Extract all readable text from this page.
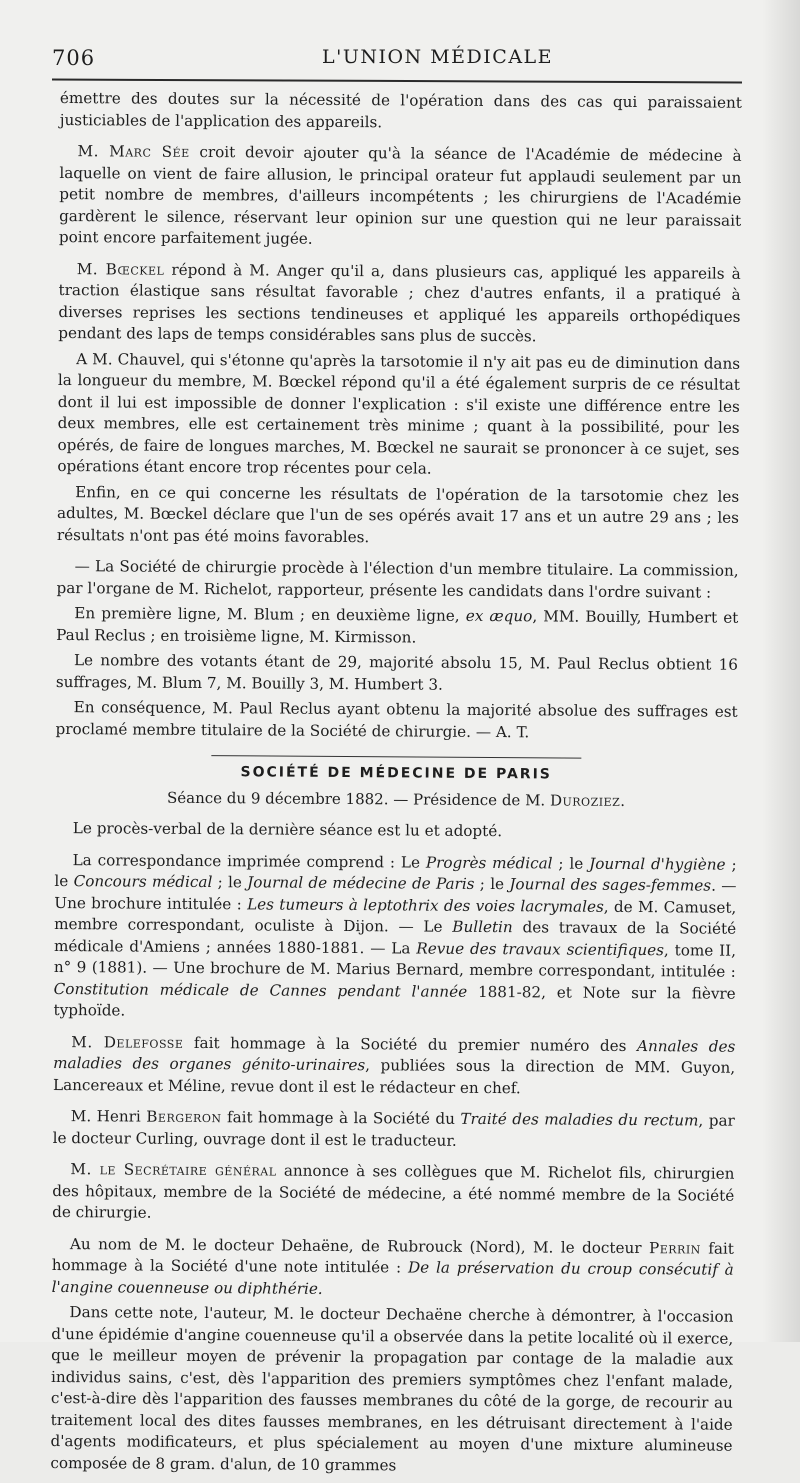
706	L'UNION MÉDICALE

émettre des doutes sur la nécessité de l'opération dans des cas qui paraissaient justiciables de l'application des appareils.

M. Marc Sée croit devoir ajouter qu'à la séance de l'Académie de médecine à laquelle on vient de faire allusion, le principal orateur fut applaudi seulement par un petit nombre de membres, d'ailleurs incompétents ; les chirurgiens de l'Académie gardèrent le silence, réservant leur opinion sur une question qui ne leur paraissait point encore parfaitement jugée.

M. Bœckel répond à M. Anger qu'il a, dans plusieurs cas, appliqué les appareils à traction élastique sans résultat favorable ; chez d'autres enfants, il a pratiqué à diverses reprises les sections tendineuses et appliqué les appareils orthopédiques pendant des laps de temps considérables sans plus de succès.

A M. Chauvel, qui s'étonne qu'après la tarsotomie il n'y ait pas eu de diminution dans la longueur du membre, M. Bœckel répond qu'il a été également surpris de ce résultat dont il lui est impossible de donner l'explication : s'il existe une différence entre les deux membres, elle est certainement très minime ; quant à la possibilité, pour les opérés, de faire de longues marches, M. Bœckel ne saurait se prononcer à ce sujet, ses opérations étant encore trop récentes pour cela.

Enfin, en ce qui concerne les résultats de l'opération de la tarsotomie chez les adultes, M. Bœckel déclare que l'un de ses opérés avait 17 ans et un autre 29 ans ; les résultats n'ont pas été moins favorables.

— La Société de chirurgie procède à l'élection d'un membre titulaire. La commission, par l'organe de M. Richelot, rapporteur, présente les candidats dans l'ordre suivant :

En première ligne, M. Blum ; en deuxième ligne, ex æquo, MM. Bouilly, Humbert et Paul Reclus ; en troisième ligne, M. Kirmisson.

Le nombre des votants étant de 29, majorité absolu 15, M. Paul Reclus obtient 16 suffrages, M. Blum 7, M. Bouilly 3, M. Humbert 3.

En conséquence, M. Paul Reclus ayant obtenu la majorité absolue des suffrages est proclamé membre titulaire de la Société de chirurgie. — A. T.

SOCIÉTÉ DE MÉDECINE DE PARIS
Séance du 9 décembre 1882. — Présidence de M. Duroziez.

Le procès-verbal de la dernière séance est lu et adopté.

La correspondance imprimée comprend : Le Progrès médical ; le Journal d'hygiène ; le Concours médical ; le Journal de médecine de Paris ; le Journal des sages-femmes. — Une brochure intitulée : Les tumeurs à leptothrix des voies lacrymales, de M. Camuset, membre correspondant, oculiste à Dijon. — Le Bulletin des travaux de la Société médicale d'Amiens ; années 1880-1881. — La Revue des travaux scientifiques, tome II, n° 9 (1881). — Une brochure de M. Marius Bernard, membre correspondant, intitulée : Constitution médicale de Cannes pendant l'année 1881-82, et Note sur la fièvre typhoïde.

M. Delefosse fait hommage à la Société du premier numéro des Annales des maladies des organes génito-urinaires, publiées sous la direction de MM. Guyon, Lancereaux et Méline, revue dont il est le rédacteur en chef.

M. Henri Bergeron fait hommage à la Société du Traité des maladies du rectum, par le docteur Curling, ouvrage dont il est le traducteur.

M. le Secrétaire général annonce à ses collègues que M. Richelot fils, chirurgien des hôpitaux, membre de la Société de médecine, a été nommé membre de la Société de chirurgie.

Au nom de M. le docteur Dehaëne, de Rubrouck (Nord), M. le docteur Perrin fait hommage à la Société d'une note intitulée : De la préservation du croup consécutif à l'angine couenneuse ou diphthérie.

Dans cette note, l'auteur, M. le docteur Dechaëne cherche à démontrer, à l'occasion d'une épidémie d'angine couenneuse qu'il a observée dans la petite localité où il exerce, que le meilleur moyen de prévenir la propagation par contage de la maladie aux individus sains, c'est, dès l'apparition des premiers symptômes chez l'enfant malade, c'est-à-dire dès l'apparition des fausses membranes du côté de la gorge, de recourir au traitement local des dites fausses membranes, en les détruisant directement à l'aide d'agents modificateurs, et plus spécialement au moyen d'une mixture alumineuse composée de 8 gram. d'alun, de 10 grammes
